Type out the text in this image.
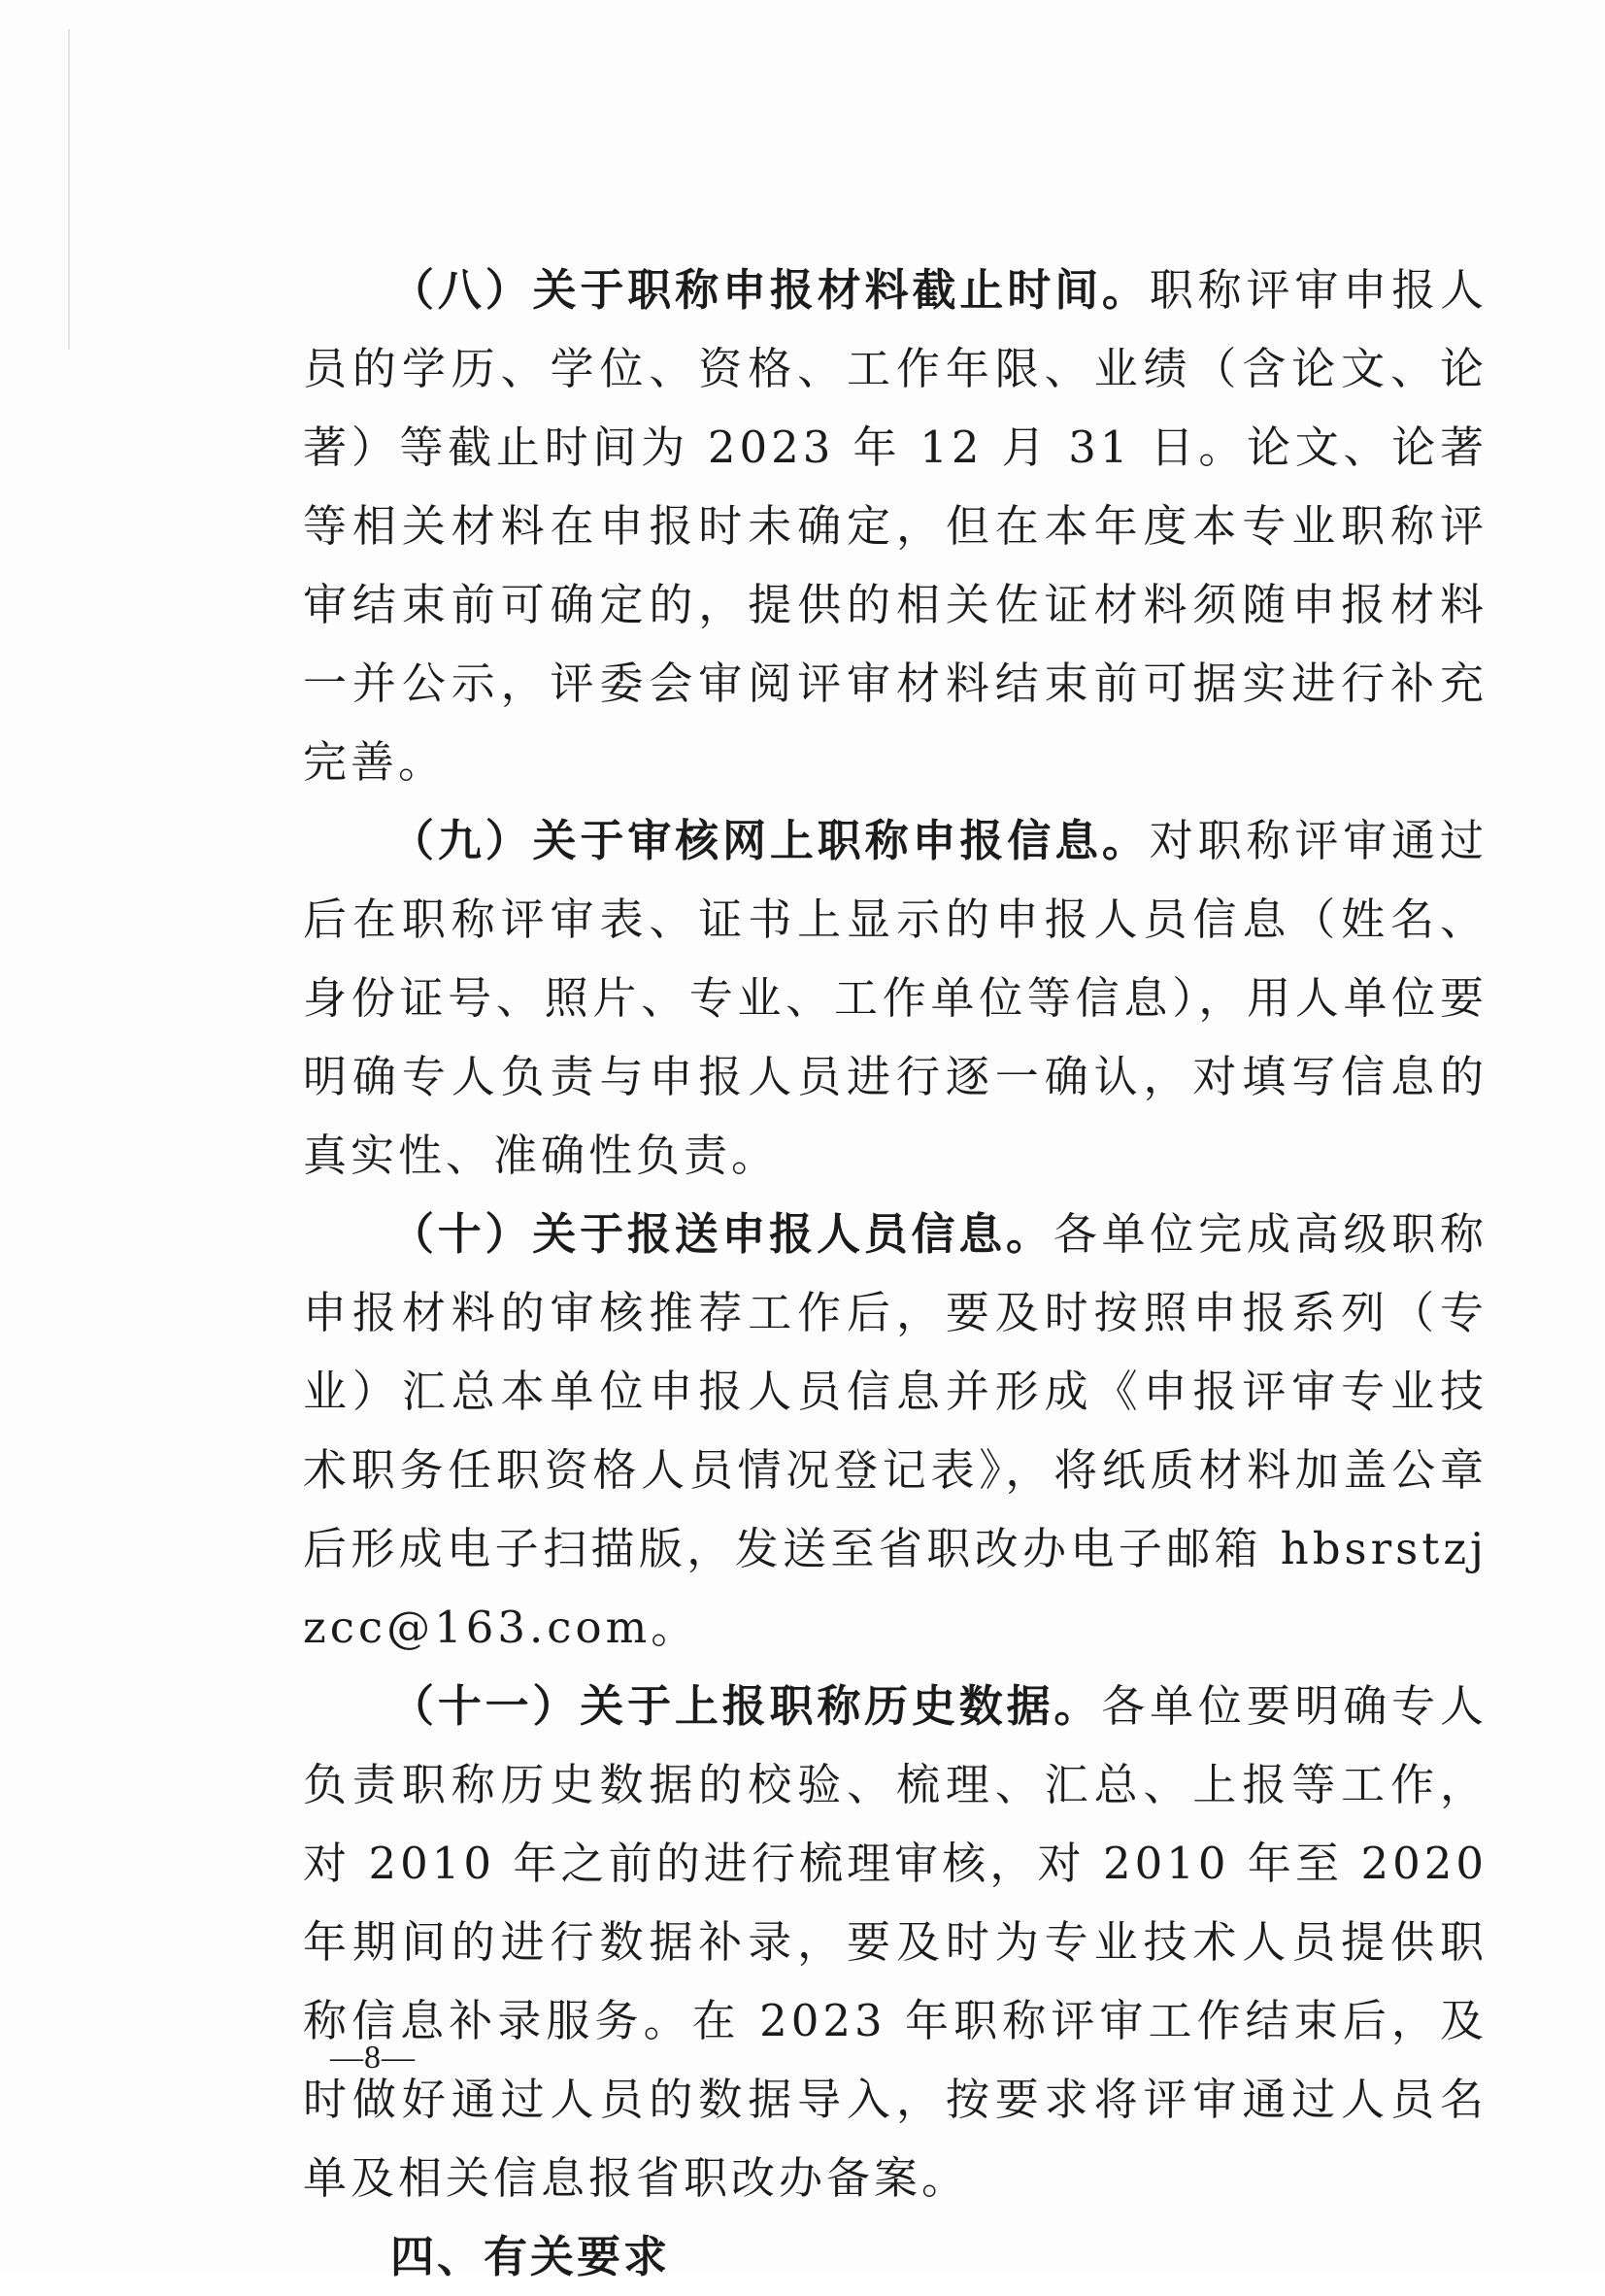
（八）关于职称申报材料截止时间。职称评审申报人员的学历、学位、资格、工作年限、业绩（含论文、论著）等截止时间为 2023 年 12 月 31 日。论文、论著等相关材料在申报时未确定，但在本年度本专业职称评审结束前可确定的，提供的相关佐证材料须随申报材料一并公示，评委会审阅评审材料结束前可据实进行补充完善。

（九）关于审核网上职称申报信息。对职称评审通过后在职称评审表、证书上显示的申报人员信息（姓名、身份证号、照片、专业、工作单位等信息），用人单位要明确专人负责与申报人员进行逐一确认，对填写信息的真实性、准确性负责。

（十）关于报送申报人员信息。各单位完成高级职称申报材料的审核推荐工作后，要及时按照申报系列（专业）汇总本单位申报人员信息并形成《申报评审专业技术职务任职资格人员情况登记表》，将纸质材料加盖公章后形成电子扫描版，发送至省职改办电子邮箱 hbsrstzjzcc@163.com。

（十一）关于上报职称历史数据。各单位要明确专人负责职称历史数据的校验、梳理、汇总、上报等工作，对 2010 年之前的进行梳理审核，对 2010 年至 2020 年期间的进行数据补录，要及时为专业技术人员提供职称信息补录服务。在 2023 年职称评审工作结束后，及时做好通过人员的数据导入，按要求将评审通过人员名单及相关信息报省职改办备案。

四、有关要求
—8—
